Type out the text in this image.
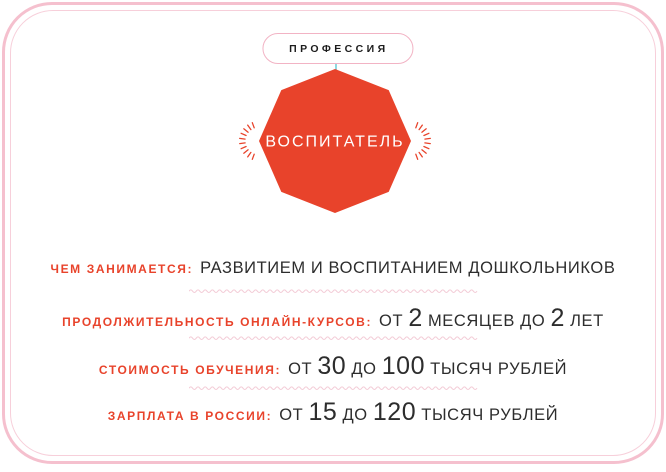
ПРОФЕССИЯ
ВОСПИТАТЕЛЬ
ЧЕМ ЗАНИМАЕТСЯ: РАЗВИТИЕМ И ВОСПИТАНИЕМ ДОШКОЛЬНИКОВ
ПРОДОЛЖИТЕЛЬНОСТЬ ОНЛАЙН-КУРСОВ: ОТ 2 МЕСЯЦЕВ ДО 2 ЛЕТ
СТОИМОСТЬ ОБУЧЕНИЯ: ОТ 30 ДО 100 ТЫСЯЧ РУБЛЕЙ
ЗАРПЛАТА В РОССИИ: ОТ 15 ДО 120 ТЫСЯЧ РУБЛЕЙ
